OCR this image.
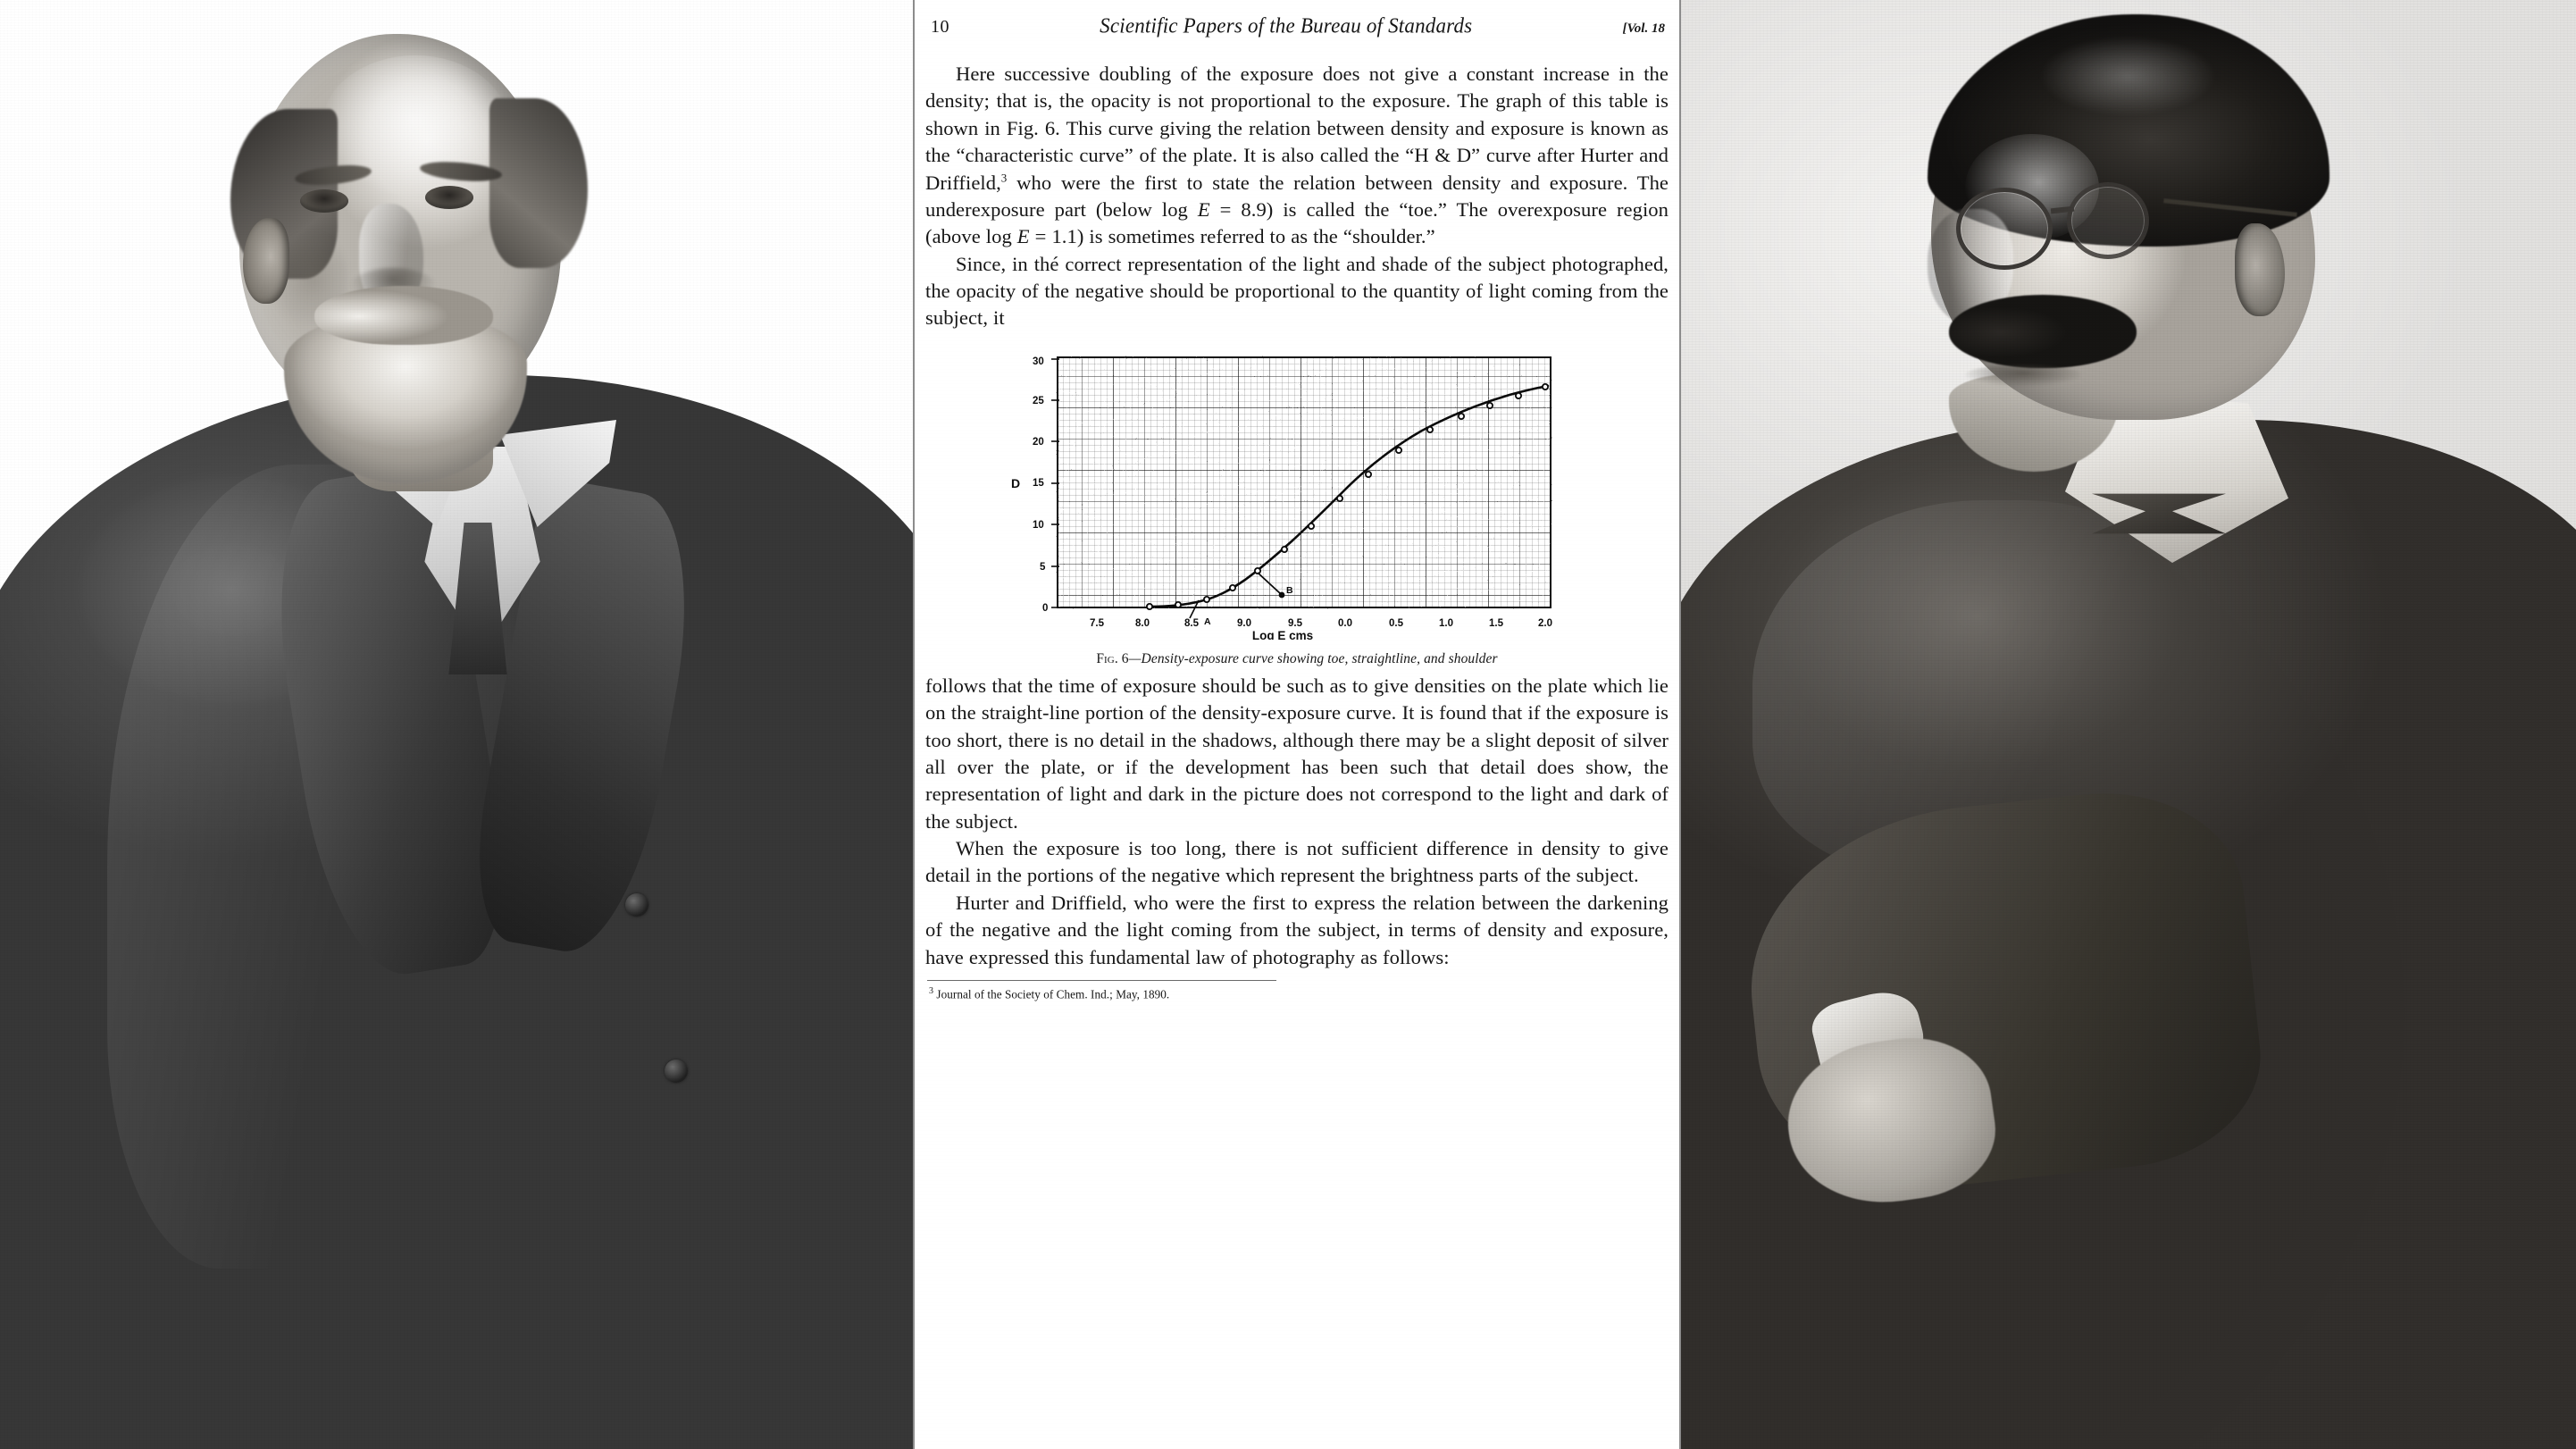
10	Scientific Papers of the Bureau of Standards	[Vol. 18

Here successive doubling of the exposure does not give a constant increase in the density; that is, the opacity is not proportional to the exposure. The graph of this table is shown in Fig. 6. This curve giving the relation between density and exposure is known as the “characteristic curve” of the plate. It is also called the “H & D” curve after Hurter and Driffield,$^3$ who were the first to state the relation between density and exposure. The underexposure part (below log E = 8.9) is called the “toe.” The overexposure region (above log E = 1.1) is sometimes referred to as the “shoulder.”

Since, in thé correct representation of the light and shade of the subject photographed, the opacity of the negative should be proportional to the quantity of light coming from the subject, it

0
5
10
15
20
25
30
D
7.5	8.0	8.5	9.0	9.5	0.0	0.5	1.0	1.5	2.0
Log E cms
A
B
Fig. 6—Density-exposure curve showing toe, straightline, and shoulder

follows that the time of exposure should be such as to give densities on the plate which lie on the straight-line portion of the density-exposure curve. It is found that if the exposure is too short, there is no detail in the shadows, although there may be a slight deposit of silver all over the plate, or if the development has been such that detail does show, the representation of light and dark in the picture does not correspond to the light and dark of the subject.

When the exposure is too long, there is not sufficient difference in density to give detail in the portions of the negative which represent the brightness parts of the subject.

Hurter and Driffield, who were the first to express the relation between the darkening of the negative and the light coming from the subject, in terms of density and exposure, have expressed this fundamental law of photography as follows:

$^3$ Journal of the Society of Chem. Ind.; May, 1890.
